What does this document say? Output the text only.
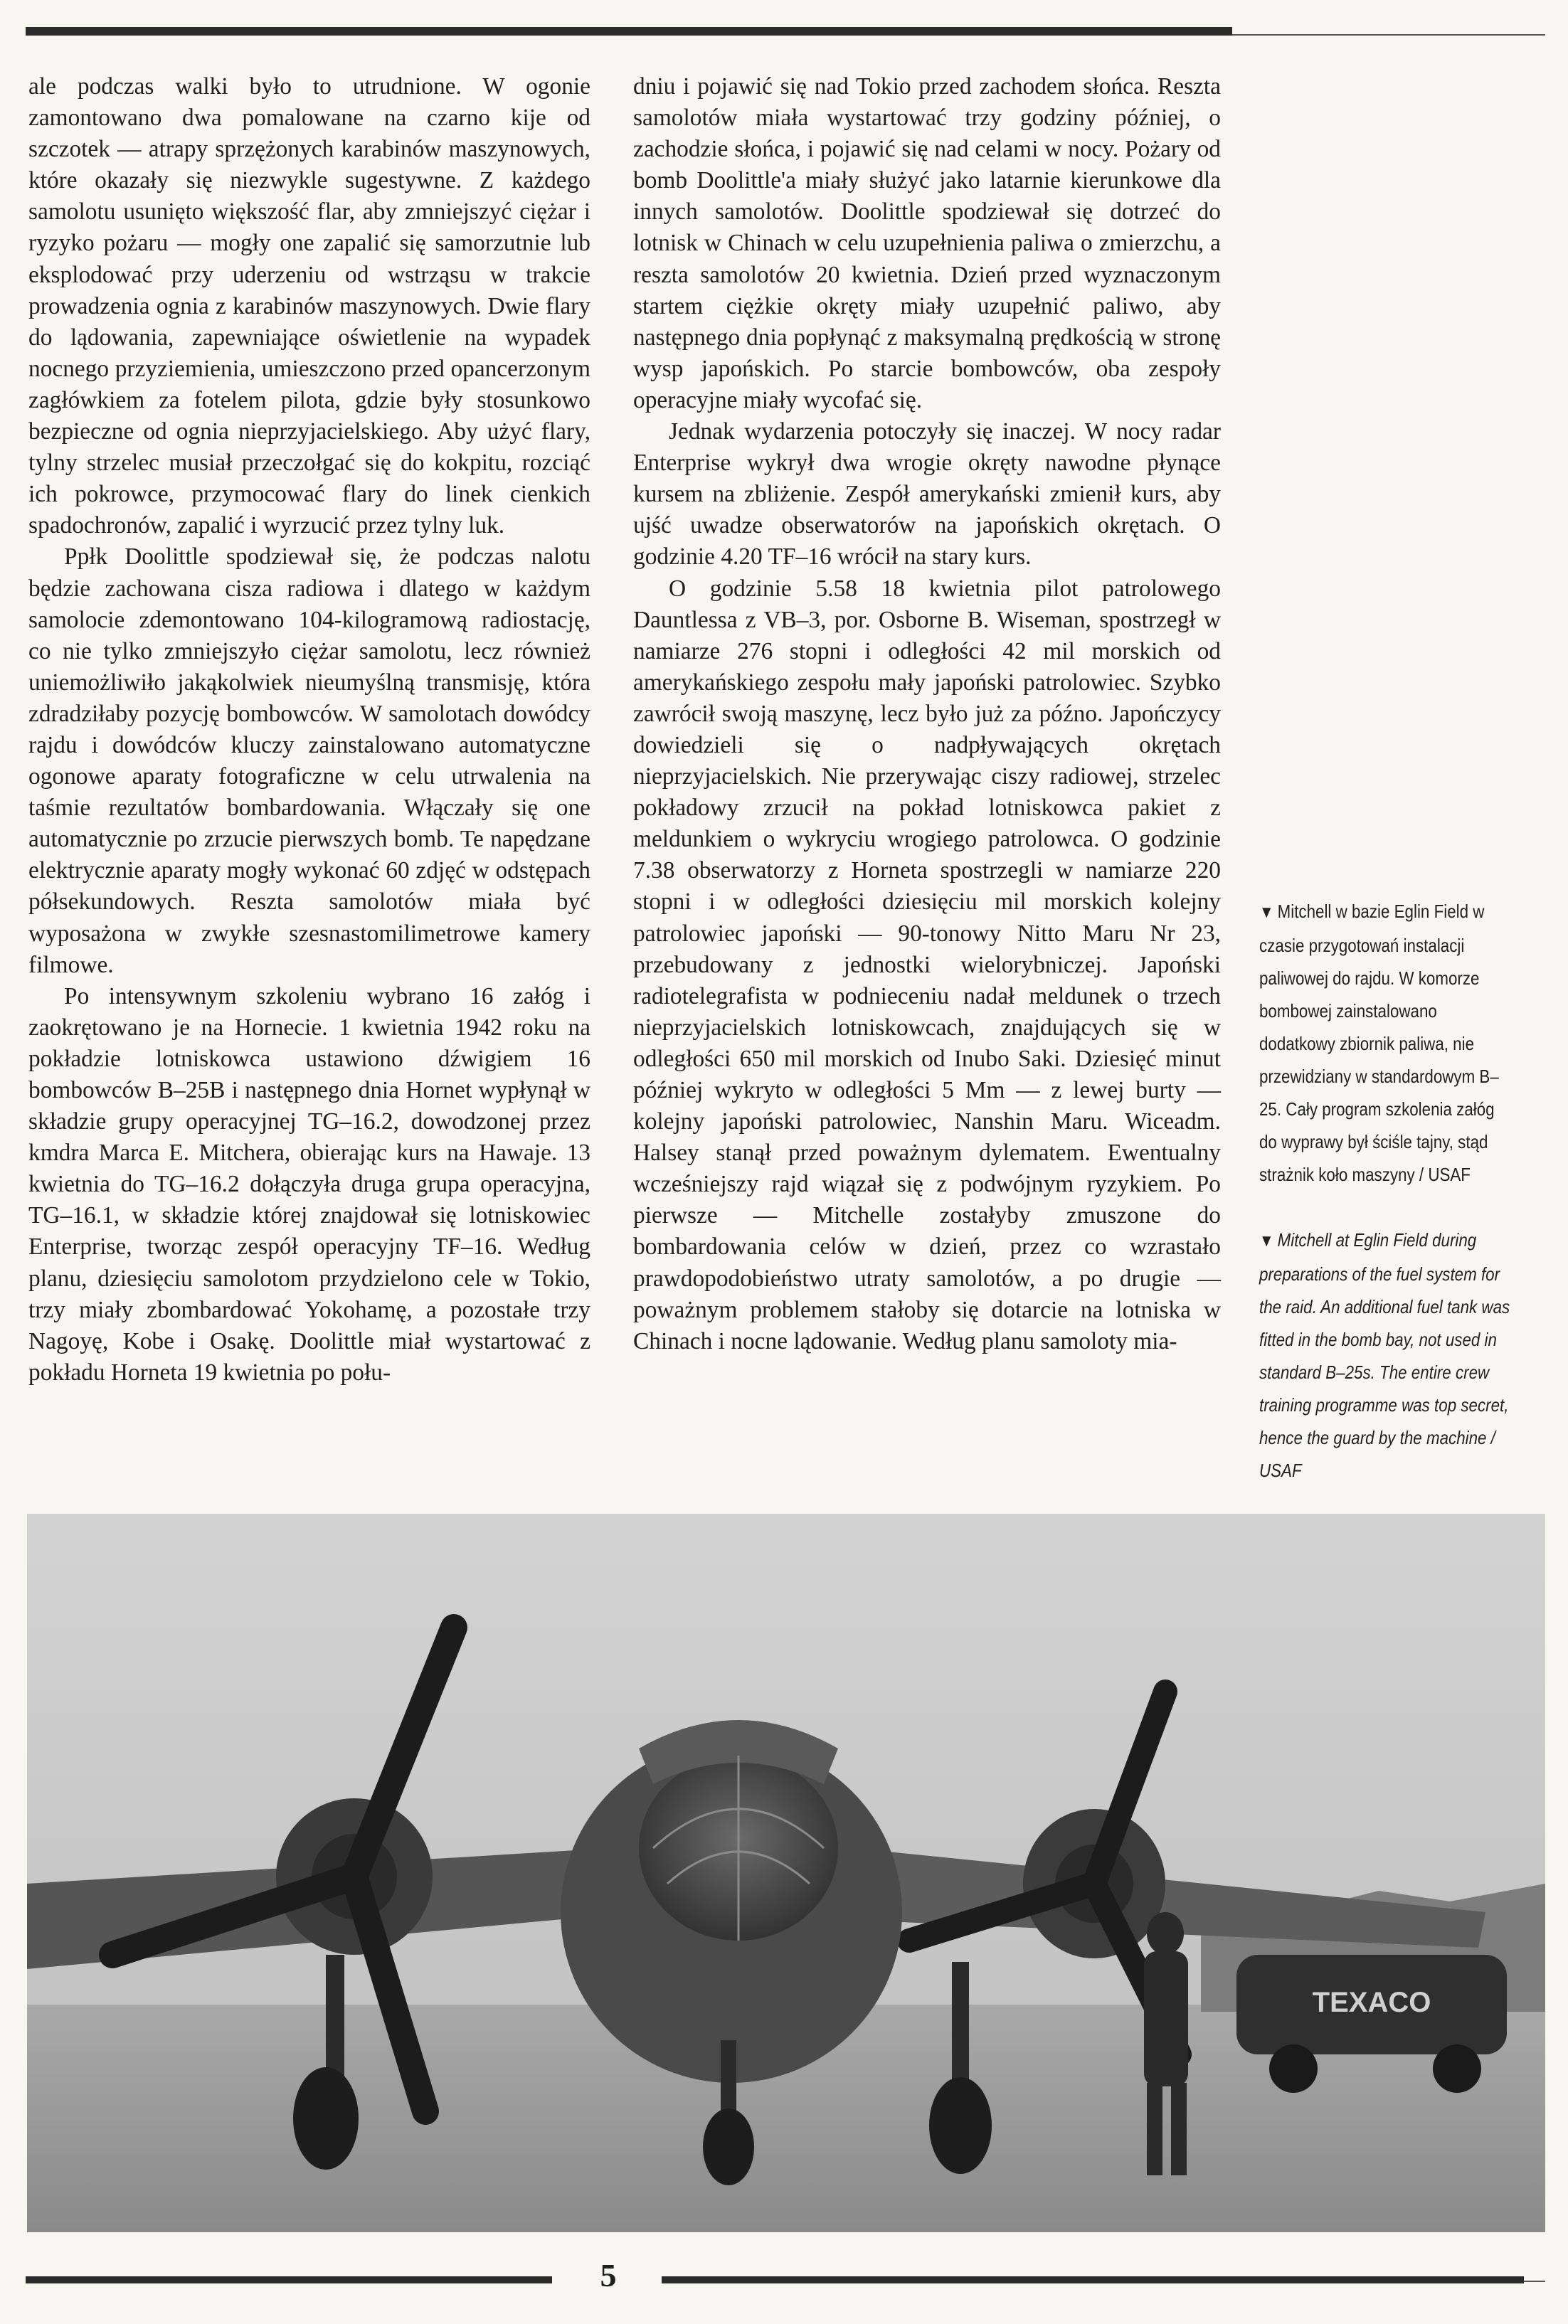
ale podczas walki było to utrudnione. W ogonie zamontowano dwa pomalowane na czarno kije od szczotek — atrapy sprzężonych karabinów maszynowych, które okazały się niezwykle sugestywne. Z każdego samolotu usunięto większość flar, aby zmniejszyć ciężar i ryzyko pożaru — mogły one zapalić się samorzutnie lub eksplodować przy uderzeniu od wstrząsu w trakcie prowadzenia ognia z karabinów maszynowych. Dwie flary do lądowania, zapewniające oświetlenie na wypadek nocnego przyziemienia, umieszczono przed opancerzonym zagłówkiem za fotelem pilota, gdzie były stosunkowo bezpieczne od ognia nieprzyjacielskiego. Aby użyć flary, tylny strzelec musiał przeczołgać się do kokpitu, rozciąć ich pokrowce, przymocować flary do linek cienkich spadochronów, zapalić i wyrzucić przez tylny luk.

Ppłk Doolittle spodziewał się, że podczas nalotu będzie zachowana cisza radiowa i dlatego w każdym samolocie zdemontowano 104-kilogramową radiostację, co nie tylko zmniejszyło ciężar samolotu, lecz również uniemożliwiło jakąkolwiek nieumyślną transmisję, która zdradziłaby pozycję bombowców. W samolotach dowódcy rajdu i dowódców kluczy zainstalowano automatyczne ogonowe aparaty fotograficzne w celu utrwalenia na taśmie rezultatów bombardowania. Włączały się one automatycznie po zrzucie pierwszych bomb. Te napędzane elektrycznie aparaty mogły wykonać 60 zdjęć w odstępach półsekundowych. Reszta samolotów miała być wyposażona w zwykłe szesnastomilimetrowe kamery filmowe.

Po intensywnym szkoleniu wybrano 16 załóg i zaokrętowano je na Hornecie. 1 kwietnia 1942 roku na pokładzie lotniskowca ustawiono dźwigiem 16 bombowców B–25B i następnego dnia Hornet wypłynął w składzie grupy operacyjnej TG–16.2, dowodzonej przez kmdra Marca E. Mitchera, obierając kurs na Hawaje. 13 kwietnia do TG–16.2 dołączyła druga grupa operacyjna, TG–16.1, w składzie której znajdował się lotniskowiec Enterprise, tworząc zespół operacyjny TF–16. Według planu, dziesięciu samolotom przydzielono cele w Tokio, trzy miały zbombardować Yokohamę, a pozostałe trzy Nagoyę, Kobe i Osakę. Doolittle miał wystartować z pokładu Horneta 19 kwietnia po połu-

dniu i pojawić się nad Tokio przed zachodem słońca. Reszta samolotów miała wystartować trzy godziny później, o zachodzie słońca, i pojawić się nad celami w nocy. Pożary od bomb Doolittle'a miały służyć jako latarnie kierunkowe dla innych samolotów. Doolittle spodziewał się dotrzeć do lotnisk w Chinach w celu uzupełnienia paliwa o zmierzchu, a reszta samolotów 20 kwietnia. Dzień przed wyznaczonym startem ciężkie okręty miały uzupełnić paliwo, aby następnego dnia popłynąć z maksymalną prędkością w stronę wysp japońskich. Po starcie bombowców, oba zespoły operacyjne miały wycofać się.

Jednak wydarzenia potoczyły się inaczej. W nocy radar Enterprise wykrył dwa wrogie okręty nawodne płynące kursem na zbliżenie. Zespół amerykański zmienił kurs, aby ujść uwadze obserwatorów na japońskich okrętach. O godzinie 4.20 TF–16 wrócił na stary kurs.

O godzinie 5.58 18 kwietnia pilot patrolowego Dauntlessa z VB–3, por. Osborne B. Wiseman, spostrzegł w namiarze 276 stopni i odległości 42 mil morskich od amerykańskiego zespołu mały japoński patrolowiec. Szybko zawrócił swoją maszynę, lecz było już za późno. Japończycy dowiedzieli się o nadpływających okrętach nieprzyjacielskich. Nie przerywając ciszy radiowej, strzelec pokładowy zrzucił na pokład lotniskowca pakiet z meldunkiem o wykryciu wrogiego patrolowca. O godzinie 7.38 obserwatorzy z Horneta spostrzegli w namiarze 220 stopni i w odległości dziesięciu mil morskich kolejny patrolowiec japoński — 90-tonowy Nitto Maru Nr 23, przebudowany z jednostki wielorybniczej. Japoński radiotelegrafista w podnieceniu nadał meldunek o trzech nieprzyjacielskich lotniskowcach, znajdujących się w odległości 650 mil morskich od Inubo Saki. Dziesięć minut później wykryto w odległości 5 Mm — z lewej burty — kolejny japoński patrolowiec, Nanshin Maru. Wiceadm. Halsey stanął przed poważnym dylematem. Ewentualny wcześniejszy rajd wiązał się z podwójnym ryzykiem. Po pierwsze — Mitchelle zostałyby zmuszone do bombardowania celów w dzień, przez co wzrastało prawdopodobieństwo utraty samolotów, a po drugie — poważnym problemem stałoby się dotarcie na lotniska w Chinach i nocne lądowanie. Według planu samoloty mia-

▼ Mitchell w bazie Eglin Field w czasie przygotowań instalacji paliwowej do rajdu. W komorze bombowej zainstalowano dodatkowy zbiornik paliwa, nie przewidziany w standardowym B–25. Cały program szkolenia załóg do wyprawy był ściśle tajny, stąd strażnik koło maszyny / USAF
▼ Mitchell at Eglin Field during preparations of the fuel system for the raid. An additional fuel tank was fitted in the bomb bay, not used in standard B–25s. The entire crew training programme was top secret, hence the guard by the machine / USAF
TEXACO
5
